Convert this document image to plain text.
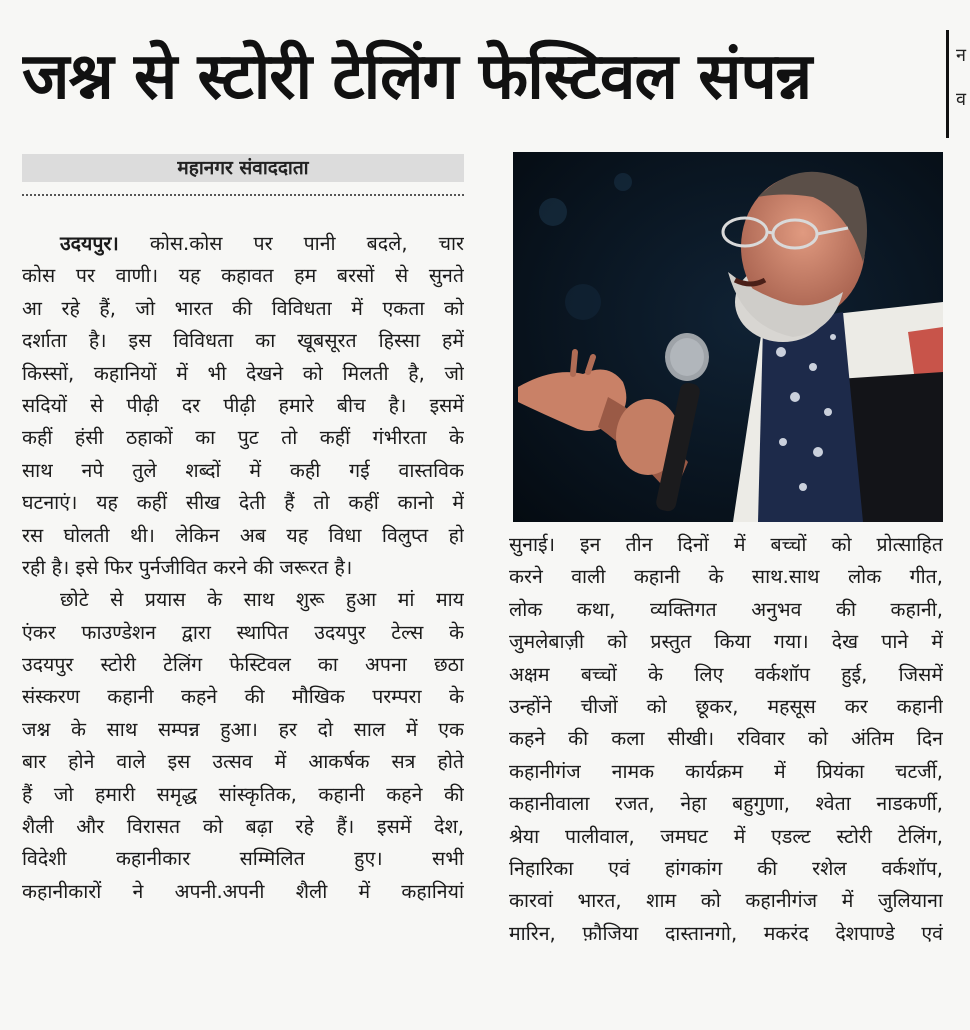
जश्न से स्टोरी टेलिंग फेस्टिवल संपन्न	न
व
महानगर संवाददाता
उदयपुर। कोस.कोस पर पानी बदले, चार
कोस पर वाणी। यह कहावत हम बरसों से सुनते
आ रहे हैं, जो भारत की विविधता में एकता को
दर्शाता है। इस विविधता का खूबसूरत हिस्सा हमें
किस्सों, कहानियों में भी देखने को मिलती है, जो
सदियों से पीढ़ी दर पीढ़ी हमारे बीच है। इसमें
कहीं हंसी ठहाकों का पुट तो कहीं गंभीरता के
साथ नपे तुले शब्दों में कही गई वास्तविक
घटनाएं। यह कहीं सीख देती हैं तो कहीं कानो में
रस घोलती थी। लेकिन अब यह विधा विलुप्त हो
रही है। इसे फिर पुर्नजीवित करने की जरूरत है।
छोटे से प्रयास के साथ शुरू हुआ मां माय
एंकर फाउण्डेशन द्वारा स्थापित उदयपुर टेल्स के
उदयपुर स्टोरी टेलिंग फेस्टिवल का अपना छठा
संस्करण कहानी कहने की मौखिक परम्परा के
जश्न के साथ सम्पन्न हुआ। हर दो साल में एक
बार होने वाले इस उत्सव में आकर्षक सत्र होते
हैं जो हमारी समृद्ध सांस्कृतिक, कहानी कहने की
शैली और विरासत को बढ़ा रहे हैं। इसमें देश,
विदेशी कहानीकार सम्मिलित हुए। सभी
कहानीकारों ने अपनी.अपनी शैली में कहानियां
सुनाई। इन तीन दिनों में बच्चों को प्रोत्साहित
करने वाली कहानी के साथ.साथ लोक गीत,
लोक कथा, व्यक्तिगत अनुभव की कहानी,
जुमलेबाज़ी को प्रस्तुत किया गया। देख पाने में
अक्षम बच्चों के लिए वर्कशॉप हुई, जिसमें
उन्होंने चीजों को छूकर, महसूस कर कहानी
कहने की कला सीखी। रविवार को अंतिम दिन
कहानीगंज नामक कार्यक्रम में प्रियंका चटर्जी,
कहानीवाला रजत, नेहा बहुगुणा, श्वेता नाडकर्णी,
श्रेया पालीवाल, जमघट में एडल्ट स्टोरी टेलिंग,
निहारिका एवं हांगकांग की रशेल वर्कशॉप,
कारवां भारत, शाम को कहानीगंज में जुलियाना
मारिन, फ़ौजिया दास्तानगो, मकरंद देशपाण्डे एवं
